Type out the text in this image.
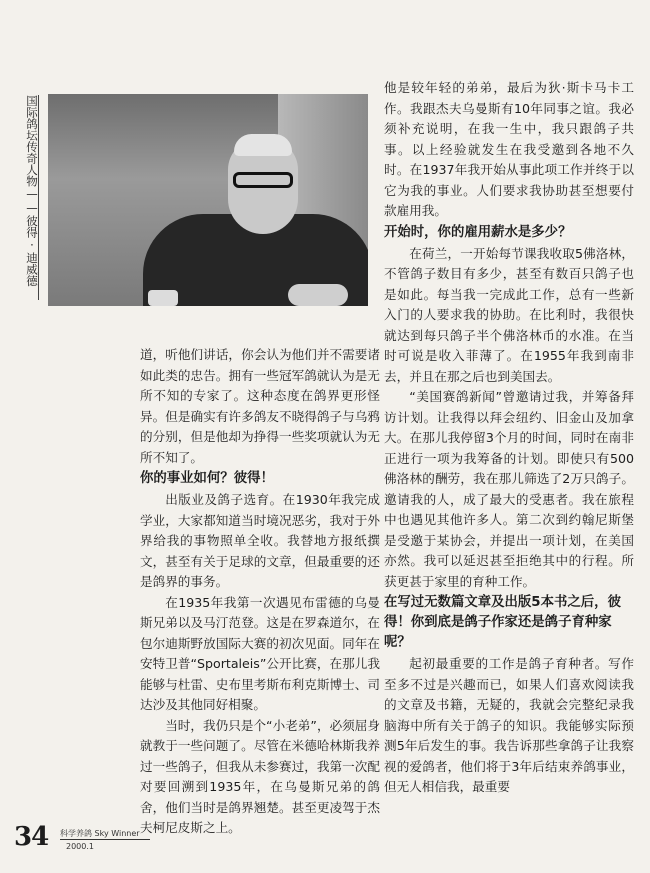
国际鸽坛传奇人物——彼得·迪威德

他是较年轻的弟弟，最后为狄·斯卡马卡工作。我跟杰夫乌曼斯有10年同事之谊。我必须补充说明，在我一生中，我只跟鸽子共事。以上经验就发生在我受邀到各地不久时。在1937年我开始从事此项工作并终于以它为我的事业。人们要求我协助甚至想要付款雇用我。

开始时，你的雇用薪水是多少？

在荷兰，一开始每节课我收取5佛洛林，不管鸽子数目有多少，甚至有数百只鸽子也是如此。每当我一完成此工作，总有一些新入门的人要求我的协助。在比利时，我很快就达到每只鸽子半个佛洛林币的水准。在当时可说是收入菲薄了。在1955年我到南非去，并且在那之后也到美国去。

“美国赛鸽新闻”曾邀请过我，并筹备拜访计划。让我得以拜会纽约、旧金山及加拿大。在那儿我停留3个月的时间，同时在南非正进行一项为我筹备的计划。即使只有500佛洛林的酬劳，我在那儿筛选了2万只鸽子。邀请我的人，成了最大的受惠者。我在旅程中也遇见其他许多人。第二次到约翰尼斯堡是受邀于某协会，并提出一项计划，在美国亦然。我可以延迟甚至拒绝其中的行程。所获更甚于家里的育种工作。

在写过无数篇文章及出版5本书之后，彼得！你到底是鸽子作家还是鸽子育种家呢？

起初最重要的工作是鸽子育种者。写作至多不过是兴趣而已，如果人们喜欢阅读我的文章及书籍，无疑的，我就会完整纪录我脑海中所有关于鸽子的知识。我能够实际预测5年后发生的事。我告诉那些拿鸽子让我察视的爱鸽者，他们将于3年后结束养鸽事业，但无人相信我，最重要

道，听他们讲话，你会认为他们并不需要诸如此类的忠告。拥有一些冠军鸽就认为是无所不知的专家了。这种态度在鸽界更形怪异。但是确实有许多鸽友不晓得鸽子与乌鸦的分别，但是他却为挣得一些奖项就认为无所不知了。

你的事业如何？彼得！

出版业及鸽子选育。在1930年我完成学业，大家都知道当时境况恶劣，我对于外界给我的事物照单全收。我替地方报纸撰文，甚至有关于足球的文章，但最重要的还是鸽界的事务。

在1935年我第一次遇见布雷德的乌曼斯兄弟以及马汀范登。这是在罗森道尔，在包尔迪斯野放国际大赛的初次见面。同年在安特卫普“Sportaleis”公开比赛，在那儿我能够与杜雷、史布里考斯布利克斯博士、司达沙及其他同好相聚。

当时，我仍只是个“小老弟”，必须屈身就教于一些问题了。尽管在米德哈林斯我养过一些鸽子，但我从未参赛过，我第一次配对要回溯到1935年，在乌曼斯兄弟的鸽舍，他们当时是鸽界翘楚。甚至更凌驾于杰夫柯尼皮斯之上。

34 科学养鸽 Sky Winner
2000.1
